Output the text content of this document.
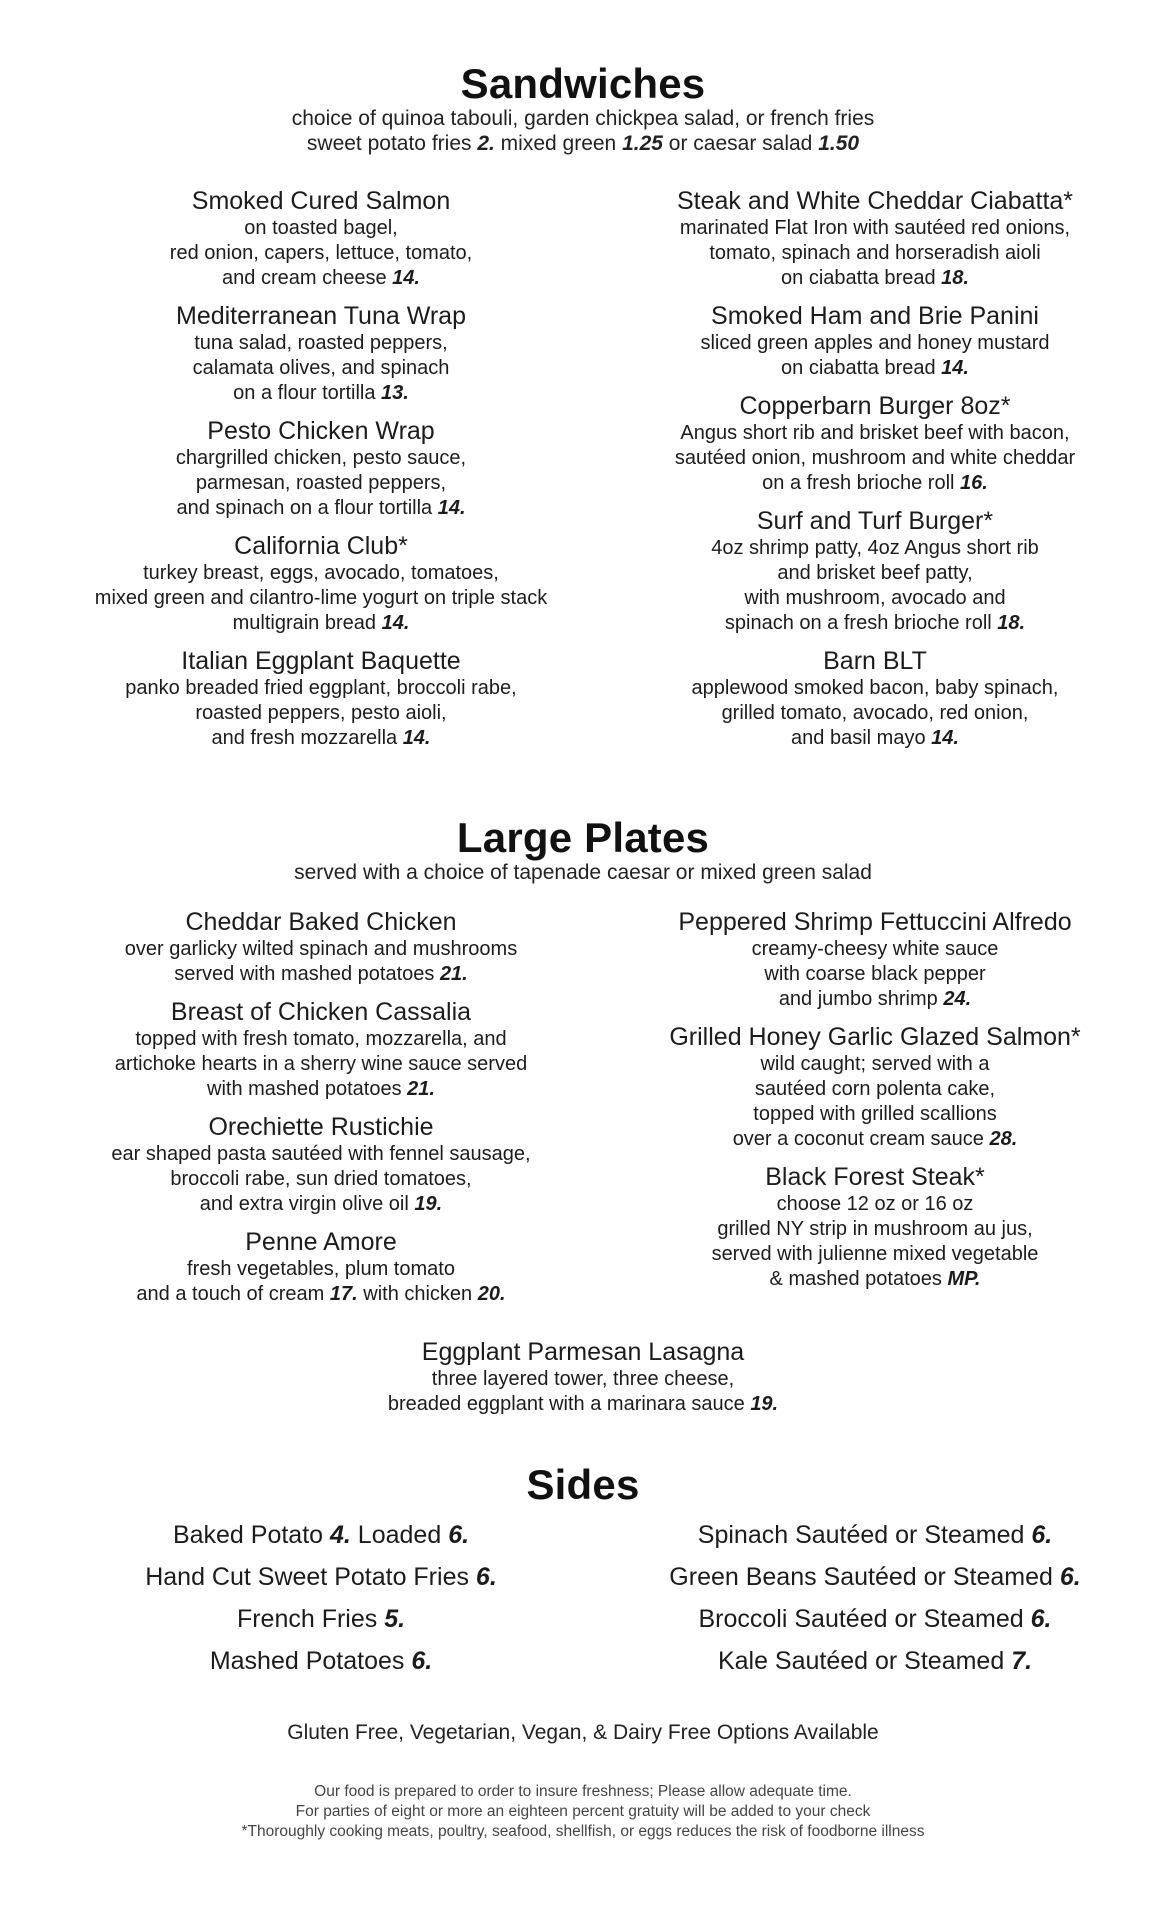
Sandwiches
choice of quinoa tabouli, garden chickpea salad, or french fries
sweet potato fries 2. mixed green 1.25 or caesar salad 1.50
Smoked Cured Salmon
on toasted bagel,
red onion, capers, lettuce, tomato,
and cream cheese 14.
Mediterranean Tuna Wrap
tuna salad, roasted peppers,
calamata olives, and spinach
on a flour tortilla 13.
Pesto Chicken Wrap
chargrilled chicken, pesto sauce,
parmesan, roasted peppers,
and spinach on a flour tortilla 14.
California Club*
turkey breast, eggs, avocado, tomatoes,
mixed green and cilantro-lime yogurt on triple stack
multigrain bread 14.
Italian Eggplant Baquette
panko breaded fried eggplant, broccoli rabe,
roasted peppers, pesto aioli,
and fresh mozzarella 14.
Steak and White Cheddar Ciabatta*
marinated Flat Iron with sautéed red onions,
tomato, spinach and horseradish aioli
on ciabatta bread 18.
Smoked Ham and Brie Panini
sliced green apples and honey mustard
on ciabatta bread 14.
Copperbarn Burger 8oz*
Angus short rib and brisket beef with bacon,
sautéed onion, mushroom and white cheddar
on a fresh brioche roll 16.
Surf and Turf Burger*
4oz shrimp patty, 4oz Angus short rib
and brisket beef patty,
with mushroom, avocado and
spinach on a fresh brioche roll 18.
Barn BLT
applewood smoked bacon, baby spinach,
grilled tomato, avocado, red onion,
and basil mayo 14.
Large Plates
served with a choice of tapenade caesar or mixed green salad
Cheddar Baked Chicken
over garlicky wilted spinach and mushrooms
served with mashed potatoes 21.
Breast of Chicken Cassalia
topped with fresh tomato, mozzarella, and
artichoke hearts in a sherry wine sauce served
with mashed potatoes 21.
Orechiette Rustichie
ear shaped pasta sautéed with fennel sausage,
broccoli rabe, sun dried tomatoes,
and extra virgin olive oil 19.
Penne Amore
fresh vegetables, plum tomato
and a touch of cream 17. with chicken 20.
Peppered Shrimp Fettuccini Alfredo
creamy-cheesy white sauce
with coarse black pepper
and jumbo shrimp 24.
Grilled Honey Garlic Glazed Salmon*
wild caught; served with a
sautéed corn polenta cake,
topped with grilled scallions
over a coconut cream sauce 28.
Black Forest Steak*
choose 12 oz or 16 oz
grilled NY strip in mushroom au jus,
served with julienne mixed vegetable
& mashed potatoes MP.
Eggplant Parmesan Lasagna
three layered tower, three cheese,
breaded eggplant with a marinara sauce 19.
Sides
Baked Potato 4. Loaded 6.
Hand Cut Sweet Potato Fries 6.
French Fries 5.
Mashed Potatoes 6.
Spinach Sautéed or Steamed 6.
Green Beans Sautéed or Steamed 6.
Broccoli Sautéed or Steamed 6.
Kale Sautéed or Steamed 7.
Gluten Free, Vegetarian, Vegan, & Dairy Free Options Available
Our food is prepared to order to insure freshness; Please allow adequate time.
For parties of eight or more an eighteen percent gratuity will be added to your check
*Thoroughly cooking meats, poultry, seafood, shellfish, or eggs reduces the risk of foodborne illness
